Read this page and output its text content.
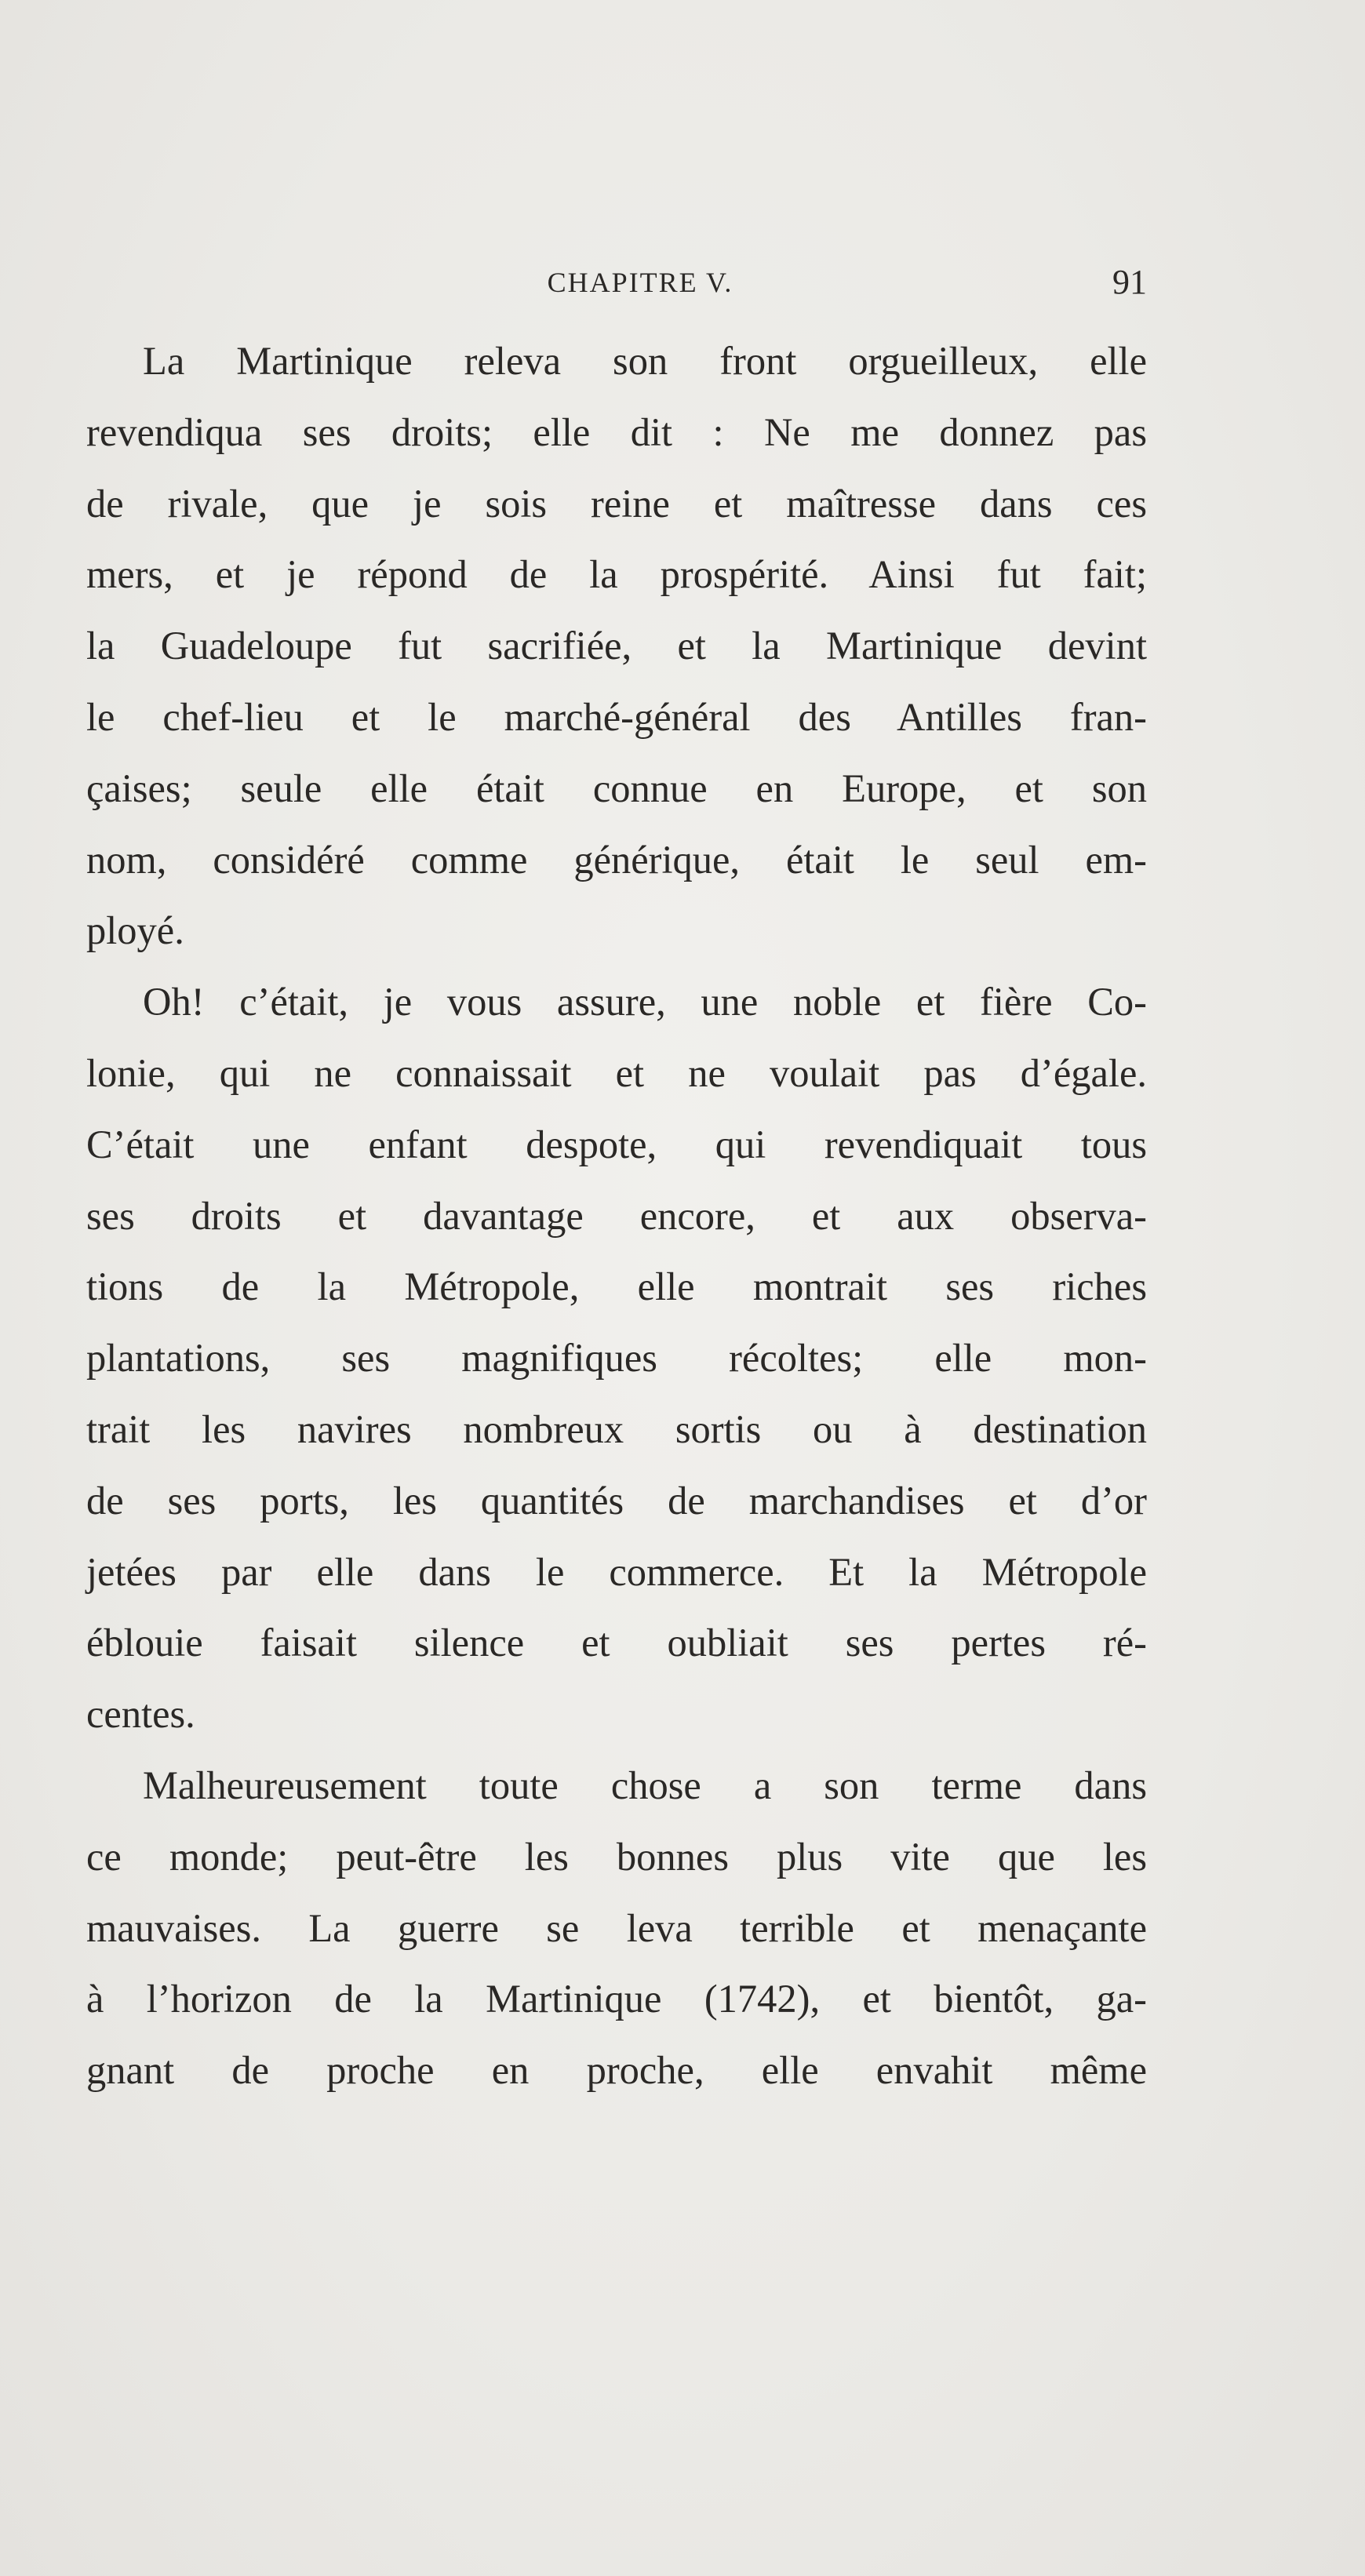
CHAPITRE V.	91
La Martinique releva son front orgueilleux, elle
revendiqua ses droits; elle dit : Ne me donnez pas
de rivale, que je sois reine et maîtresse dans ces
mers, et je répond de la prospérité. Ainsi fut fait;
la Guadeloupe fut sacrifiée, et la Martinique devint
le chef-lieu et le marché-général des Antilles fran-
çaises; seule elle était connue en Europe, et son
nom, considéré comme générique, était le seul em-
ployé.
Oh! c’était, je vous assure, une noble et fière Co-
lonie, qui ne connaissait et ne voulait pas d’égale.
C’était une enfant despote, qui revendiquait tous
ses droits et davantage encore, et aux observa-
tions de la Métropole, elle montrait ses riches
plantations, ses magnifiques récoltes; elle mon-
trait les navires nombreux sortis ou à destination
de ses ports, les quantités de marchandises et d’or
jetées par elle dans le commerce. Et la Métropole
éblouie faisait silence et oubliait ses pertes ré-
centes.
Malheureusement toute chose a son terme dans
ce monde; peut-être les bonnes plus vite que les
mauvaises. La guerre se leva terrible et menaçante
à l’horizon de la Martinique (1742), et bientôt, ga-
gnant de proche en proche, elle envahit même
